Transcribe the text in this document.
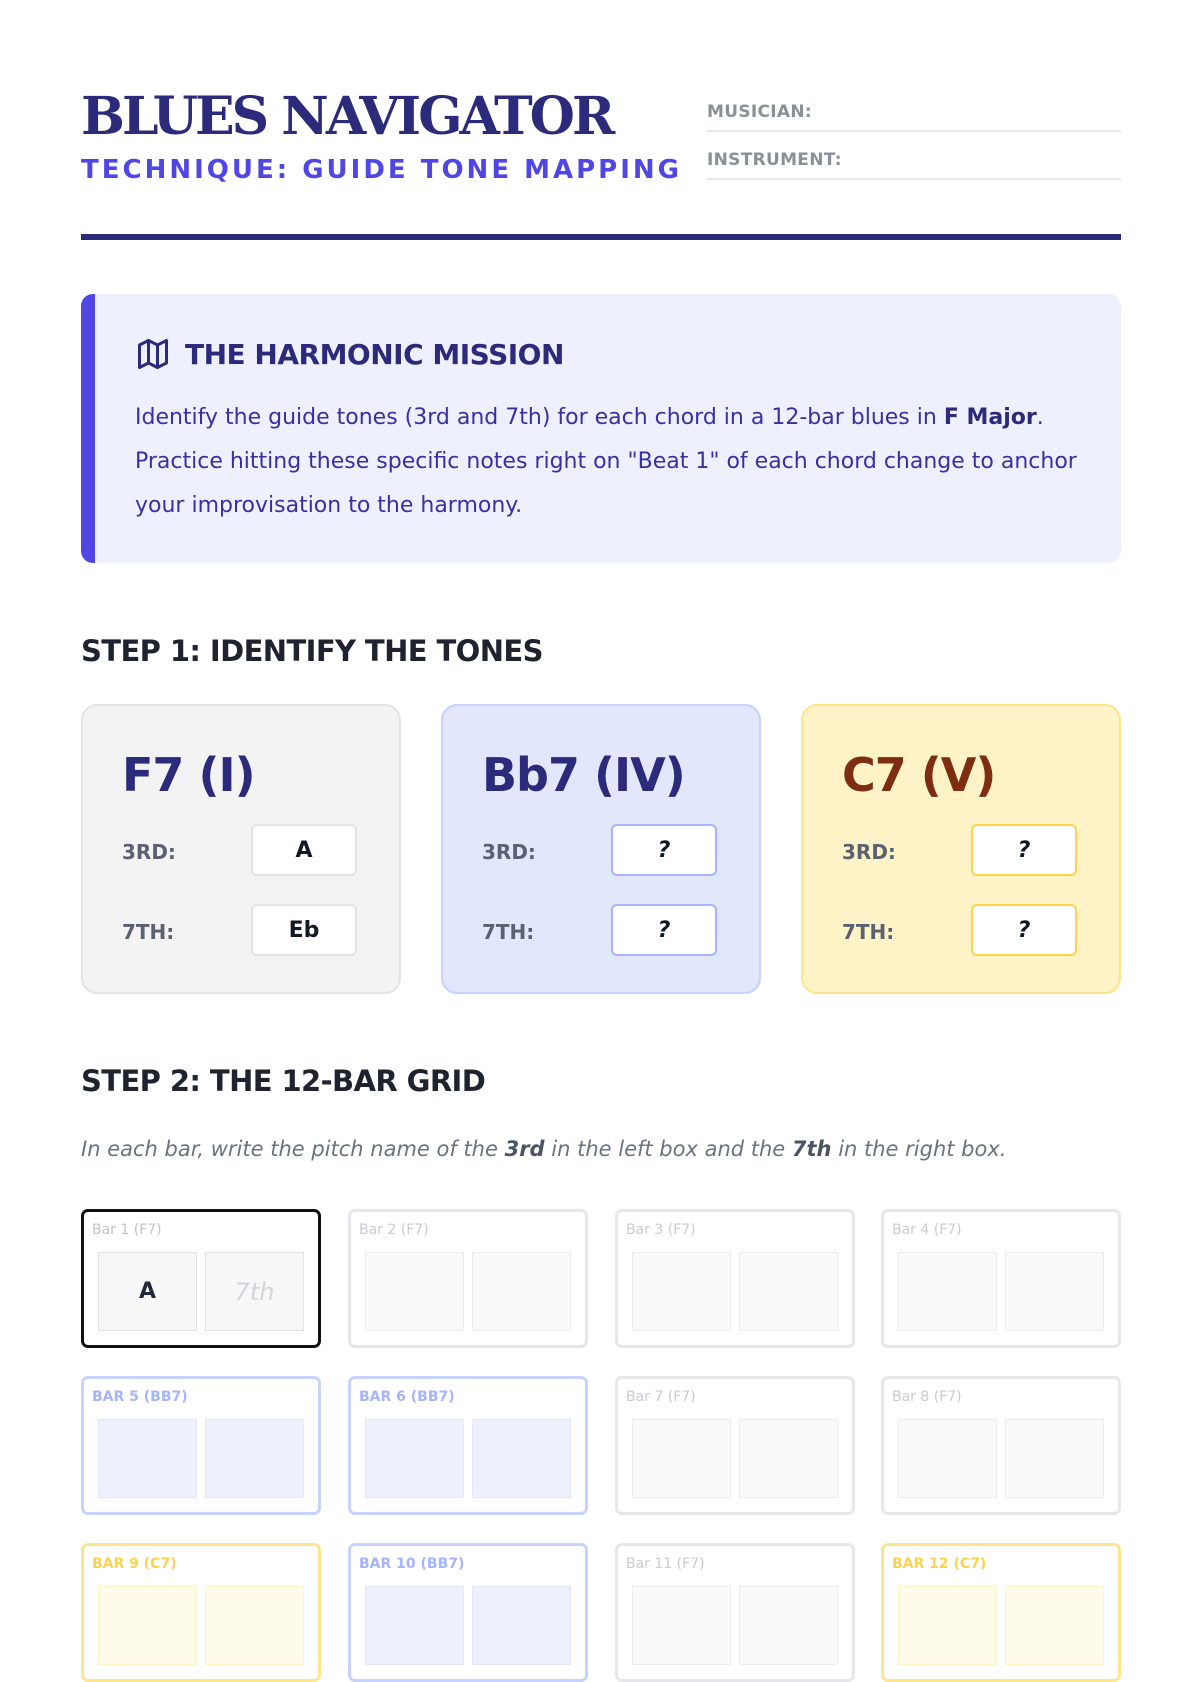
BLUES NAVIGATOR
TECHNIQUE: GUIDE TONE MAPPING
MUSICIAN:
INSTRUMENT:
THE HARMONIC MISSION
Identify the guide tones (3rd and 7th) for each chord in a 12-bar blues in F Major. Practice hitting these specific notes right on "Beat 1" of each chord change to anchor your improvisation to the harmony.
STEP 1: IDENTIFY THE TONES
F7 (I)
3RD:	A
7TH:	Eb
Bb7 (IV)
3RD:	?
7TH:	?
C7 (V)
3RD:	?
7TH:	?
STEP 2: THE 12-BAR GRID
In each bar, write the pitch name of the 3rd in the left box and the 7th in the right box.
Bar 1 (F7)
A	7th
Bar 2 (F7)	Bar 3 (F7)	Bar 4 (F7)
BAR 5 (BB7)	BAR 6 (BB7)	Bar 7 (F7)	Bar 8 (F7)
BAR 9 (C7)	BAR 10 (BB7)	Bar 11 (F7)	BAR 12 (C7)
